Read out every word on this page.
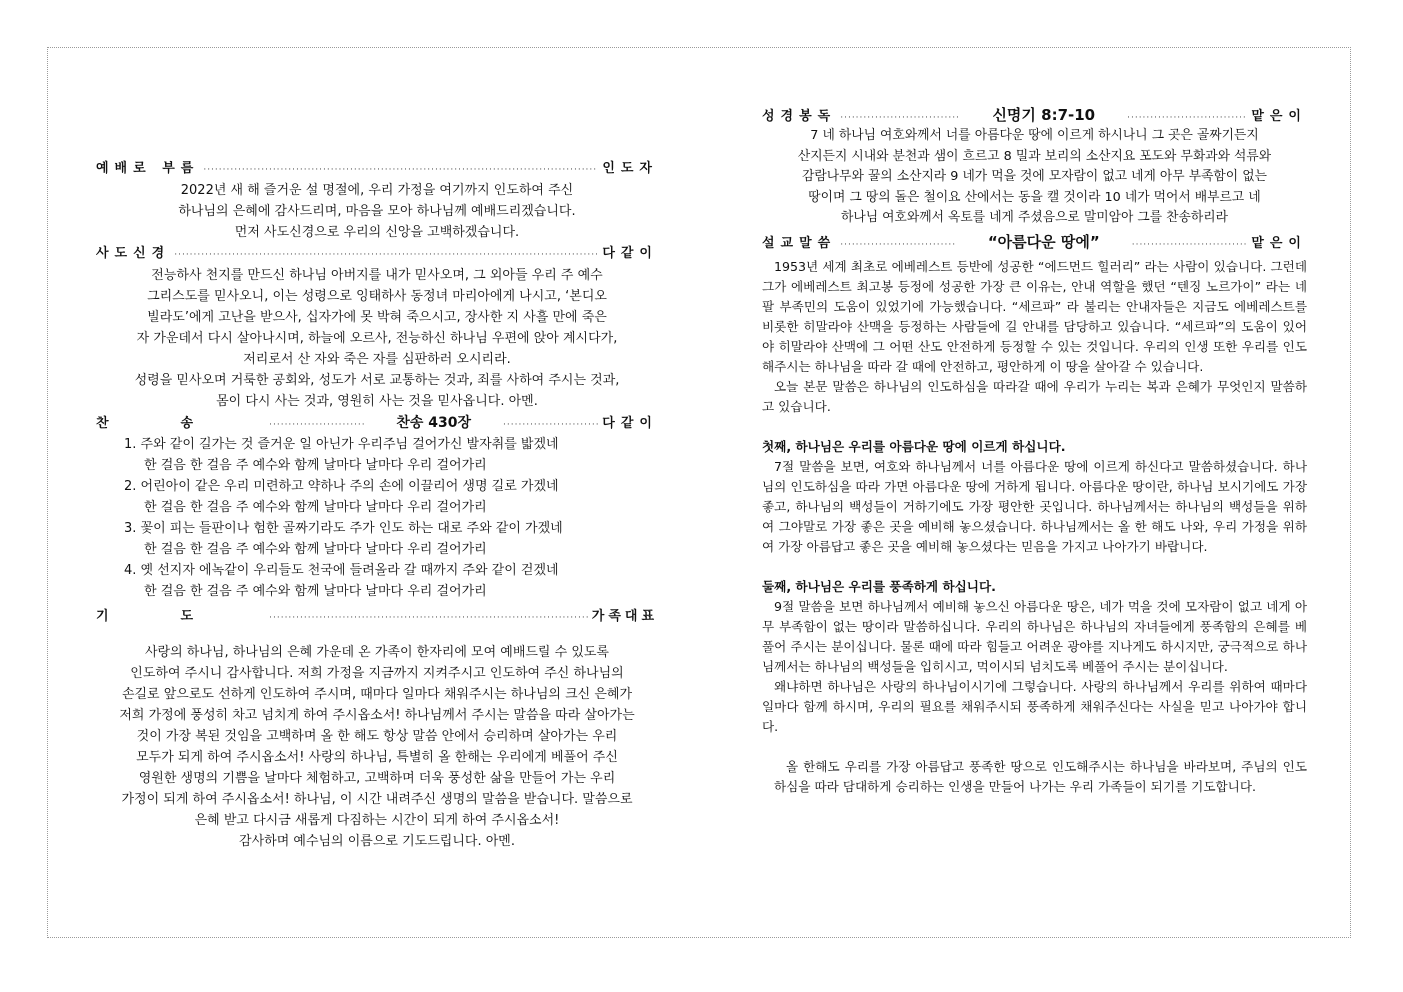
예배로 부름 ·····	인도자

2022년 새 해 즐거운 설 명절에, 우리 가정을 여기까지 인도하여 주신

하나님의 은혜에 감사드리며, 마음을 모아 하나님께 예배드리겠습니다.

먼저 사도신경으로 우리의 신앙을 고백하겠습니다.

사도신경 ·····	다같이

전능하사 천지를 만드신 하나님 아버지를 내가 믿사오며, 그 외아들 우리 주 예수

그리스도를 믿사오니, 이는 성령으로 잉태하사 동정녀 마리아에게 나시고, ‘본디오

빌라도’에게 고난을 받으사, 십자가에 못 박혀 죽으시고, 장사한 지 사흘 만에 죽은

자 가운데서 다시 살아나시며, 하늘에 오르사, 전능하신 하나님 우편에 앉아 계시다가,

저리로서 산 자와 죽은 자를 심판하러 오시리라.

성령을 믿사오며 거룩한 공회와, 성도가 서로 교통하는 것과, 죄를 사하여 주시는 것과,

몸이 다시 사는 것과, 영원히 사는 것을 믿사옵니다. 아멘.

찬송 ·····	찬송 430장 ·····	다같이

1. 주와 같이 길가는 것 즐거운 일 아닌가 우리주님 걸어가신 발자취를 밟겠네

한 걸음 한 걸음 주 예수와 함께 날마다 날마다 우리 걸어가리

2. 어린아이 같은 우리 미련하고 약하나 주의 손에 이끌리어 생명 길로 가겠네

한 걸음 한 걸음 주 예수와 함께 날마다 날마다 우리 걸어가리

3. 꽃이 피는 들판이나 험한 골짜기라도 주가 인도 하는 대로 주와 같이 가겠네

한 걸음 한 걸음 주 예수와 함께 날마다 날마다 우리 걸어가리

4. 옛 선지자 에녹같이 우리들도 천국에 들려올라 갈 때까지 주와 같이 걷겠네

한 걸음 한 걸음 주 예수와 함께 날마다 날마다 우리 걸어가리

기도 ·····	가족대표

사랑의 하나님, 하나님의 은혜 가운데 온 가족이 한자리에 모여 예배드릴 수 있도록

인도하여 주시니 감사합니다. 저희 가정을 지금까지 지켜주시고 인도하여 주신 하나님의

손길로 앞으로도 선하게 인도하여 주시며, 때마다 일마다 채워주시는 하나님의 크신 은혜가

저희 가정에 풍성히 차고 넘치게 하여 주시옵소서! 하나님께서 주시는 말씀을 따라 살아가는

것이 가장 복된 것임을 고백하며 올 한 해도 항상 말씀 안에서 승리하며 살아가는 우리

모두가 되게 하여 주시옵소서! 사랑의 하나님, 특별히 올 한해는 우리에게 베풀어 주신

영원한 생명의 기쁨을 날마다 체험하고, 고백하며 더욱 풍성한 삶을 만들어 가는 우리

가정이 되게 하여 주시옵소서! 하나님, 이 시간 내려주신 생명의 말씀을 받습니다. 말씀으로

은혜 받고 다시금 새롭게 다짐하는 시간이 되게 하여 주시옵소서!

감사하며 예수님의 이름으로 기도드립니다. 아멘.

성경봉독 ·····	신명기 8:7-10 ·····	맡은이

7 네 하나님 여호와께서 너를 아름다운 땅에 이르게 하시나니 그 곳은 골짜기든지

산지든지 시내와 분천과 샘이 흐르고 8 밀과 보리의 소산지요 포도와 무화과와 석류와

감람나무와 꿀의 소산지라 9 네가 먹을 것에 모자람이 없고 네게 아무 부족함이 없는

땅이며 그 땅의 돌은 철이요 산에서는 동을 캘 것이라 10 네가 먹어서 배부르고 네

하나님 여호와께서 옥토를 네게 주셨음으로 말미암아 그를 찬송하리라

설교말씀 ·····	“아름다운 땅에” ·····	맡은이

1953년 세계 최초로 에베레스트 등반에 성공한 “에드먼드 힐러리” 라는 사람이 있습니다. 그런데 그가 에베레스트 최고봉 등정에 성공한 가장 큰 이유는, 안내 역할을 했던 “텐징 노르가이” 라는 네팔 부족민의 도움이 있었기에 가능했습니다. “세르파” 라 불리는 안내자들은 지금도 에베레스트를 비롯한 히말라야 산맥을 등정하는 사람들에 길 안내를 담당하고 있습니다. “세르파”의 도움이 있어야 히말라야 산맥에 그 어떤 산도 안전하게 등정할 수 있는 것입니다. 우리의 인생 또한 우리를 인도해주시는 하나님을 따라 갈 때에 안전하고, 평안하게 이 땅을 살아갈 수 있습니다.

오늘 본문 말씀은 하나님의 인도하심을 따라갈 때에 우리가 누리는 복과 은혜가 무엇인지 말씀하고 있습니다.

첫째, 하나님은 우리를 아름다운 땅에 이르게 하십니다.

7절 말씀을 보면, 여호와 하나님께서 너를 아름다운 땅에 이르게 하신다고 말씀하셨습니다. 하나님의 인도하심을 따라 가면 아름다운 땅에 거하게 됩니다. 아름다운 땅이란, 하나님 보시기에도 가장 좋고, 하나님의 백성들이 거하기에도 가장 평안한 곳입니다. 하나님께서는 하나님의 백성들을 위하여 그야말로 가장 좋은 곳을 예비해 놓으셨습니다. 하나님께서는 올 한 해도 나와, 우리 가정을 위하여 가장 아름답고 좋은 곳을 예비해 놓으셨다는 믿음을 가지고 나아가기 바랍니다.

둘째, 하나님은 우리를 풍족하게 하십니다.

9절 말씀을 보면 하나님께서 예비해 놓으신 아름다운 땅은, 네가 먹을 것에 모자람이 없고 네게 아무 부족함이 없는 땅이라 말씀하십니다. 우리의 하나님은 하나님의 자녀들에게 풍족함의 은혜를 베풀어 주시는 분이십니다. 물론 때에 따라 힘들고 어려운 광야를 지나게도 하시지만, 궁극적으로 하나님께서는 하나님의 백성들을 입히시고, 먹이시되 넘치도록 베풀어 주시는 분이십니다.

왜냐하면 하나님은 사랑의 하나님이시기에 그렇습니다. 사랑의 하나님께서 우리를 위하여 때마다 일마다 함께 하시며, 우리의 필요를 채워주시되 풍족하게 채워주신다는 사실을 믿고 나아가야 합니다.

올 한해도 우리를 가장 아름답고 풍족한 땅으로 인도해주시는 하나님을 바라보며, 주님의 인도하심을 따라 담대하게 승리하는 인생을 만들어 나가는 우리 가족들이 되기를 기도합니다.
